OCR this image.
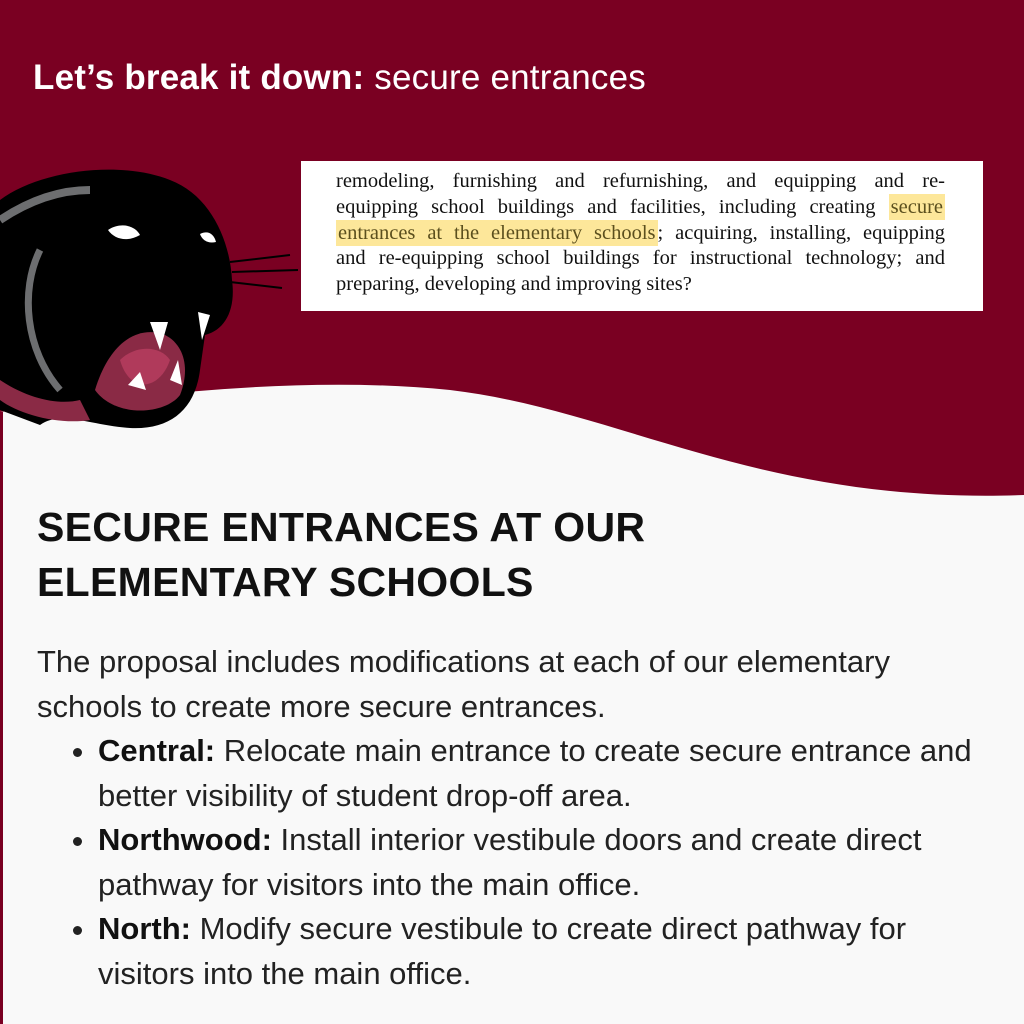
Let’s break it down: secure entrances
remodeling, furnishing and refurnishing, and equipping and re-
equipping school buildings and facilities, including creating secure
entrances at the elementary schools; acquiring, installing, equipping
and re-equipping school buildings for instructional technology; and
preparing, developing and improving sites?
SECURE ENTRANCES AT OUR
ELEMENTARY SCHOOLS
The proposal includes modifications at each of our elementary schools to create more secure entrances.
• Central: Relocate main entrance to create secure entrance and better visibility of student drop-off area.
• Northwood: Install interior vestibule doors and create direct pathway for visitors into the main office.
• North: Modify secure vestibule to create direct pathway for visitors into the main office.
